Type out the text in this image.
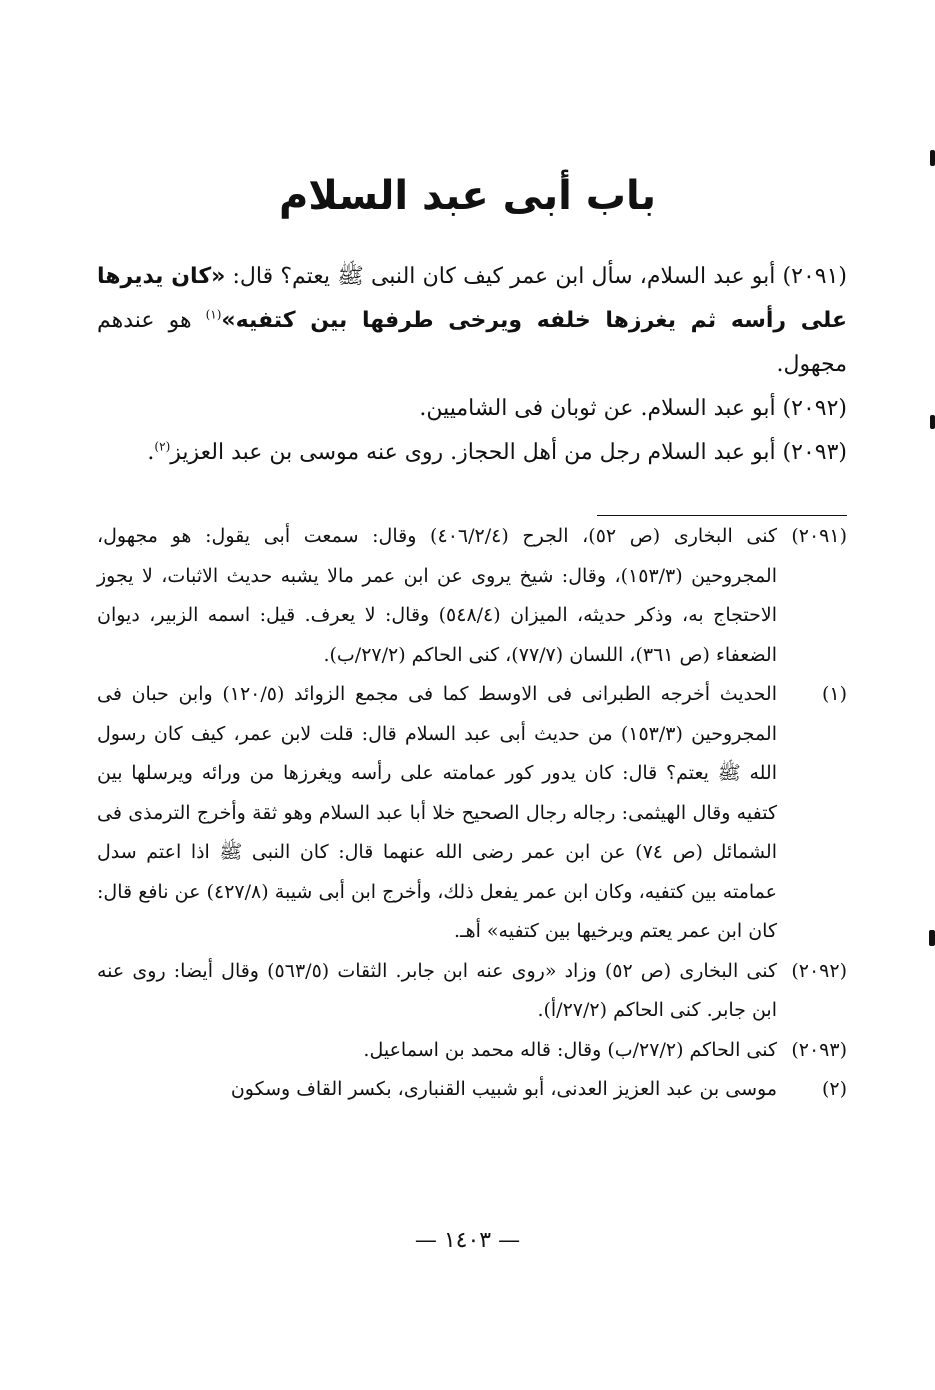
باب أبى عبد السلام

(٢٠٩١) أبو عبد السلام، سأل ابن عمر كيف كان النبى ﷺ يعتم؟ قال: «كان يديرها على رأسه ثم يغرزها خلفه ويرخى طرفها بين كتفيه»$^{(١)}$ هو عندهم مجهول.

(٢٠٩٢) أبو عبد السلام. عن ثوبان فى الشاميين.

(٢٠٩٣) أبو عبد السلام رجل من أهل الحجاز. روى عنه موسى بن عبد العزيز$^{(٢)}$.

(٢٠٩١)
كنى البخارى (ص ٥٢)، الجرح (٤٠٦/٢/٤) وقال: سمعت أبى يقول: هو مجهول، المجروحين (١٥٣/٣)، وقال: شيخ يروى عن ابن عمر مالا يشبه حديث الاثبات، لا يجوز الاحتجاج به، وذكر حديثه، الميزان (٥٤٨/٤) وقال: لا يعرف. قيل: اسمه الزبير، ديوان الضعفاء (ص ٣٦١)، اللسان (٧٧/٧)، كنى الحاكم (٢٧/٢/ب).
(١)
الحديث أخرجه الطبرانى فى الاوسط كما فى مجمع الزوائد (١٢٠/٥) وابن حبان فى المجروحين (١٥٣/٣) من حديث أبى عبد السلام قال: قلت لابن عمر، كيف كان رسول الله ﷺ يعتم؟ قال: كان يدور كور عمامته على رأسه ويغرزها من ورائه ويرسلها بين كتفيه وقال الهيثمى: رجاله رجال الصحيح خلا أبا عبد السلام وهو ثقة وأخرج الترمذى فى الشمائل (ص ٧٤) عن ابن عمر رضى الله عنهما قال: كان النبى ﷺ اذا اعتم سدل عمامته بين كتفيه، وكان ابن عمر يفعل ذلك، وأخرج ابن أبى شيبة (٤٢٧/٨) عن نافع قال: كان ابن عمر يعتم ويرخيها بين كتفيه» أهـ.
(٢٠٩٢)
كنى البخارى (ص ٥٢) وزاد «روى عنه ابن جابر. الثقات (٥٦٣/٥) وقال أيضا: روى عنه ابن جابر. كنى الحاكم (٢٧/٢/أ).
(٢٠٩٣)
كنى الحاكم (٢٧/٢/ب) وقال: قاله محمد بن اسماعيل.
(٢)
موسى بن عبد العزيز العدنى، أبو شبيب القنبارى، بكسر القاف وسكون
— ١٤٠٣ —
